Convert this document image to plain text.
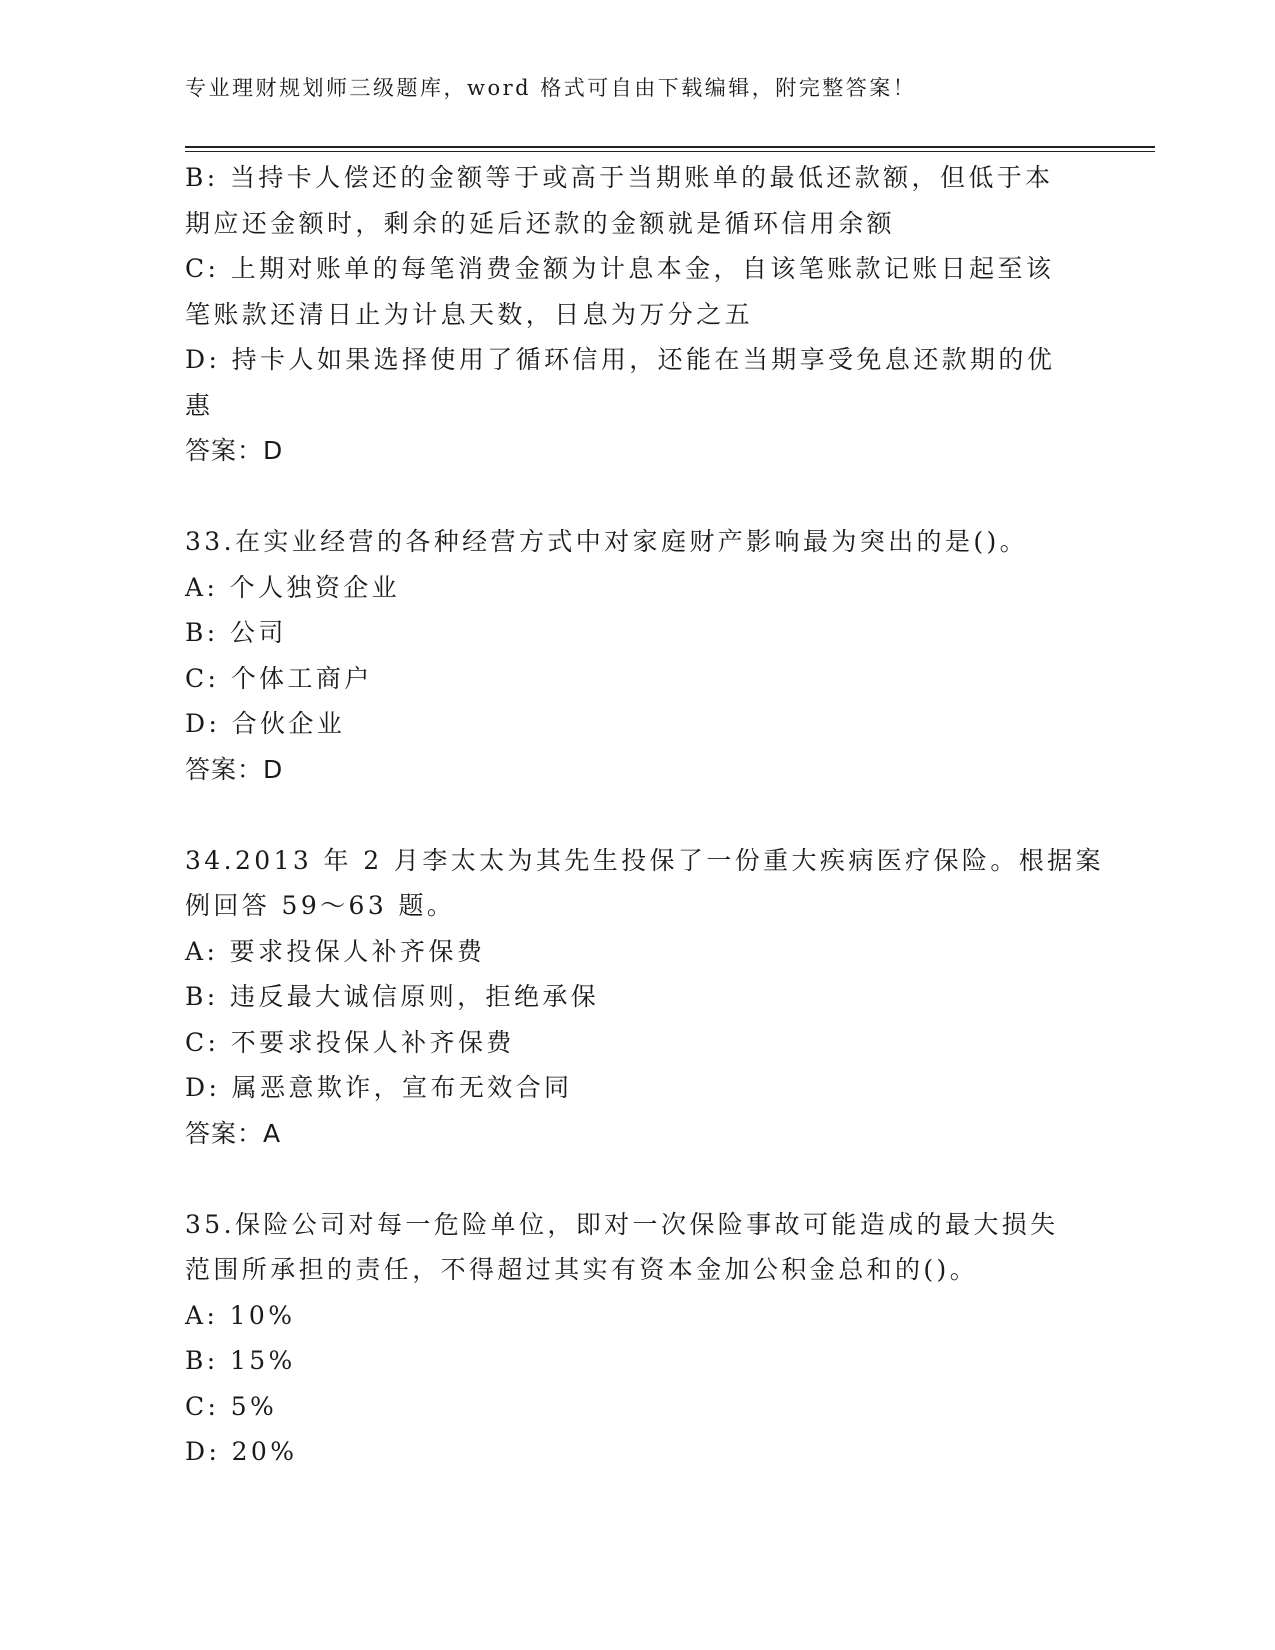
专业理财规划师三级题库，word 格式可自由下载编辑，附完整答案！
B: 当持卡人偿还的金额等于或高于当期账单的最低还款额，但低于本
期应还金额时，剩余的延后还款的金额就是循环信用余额
C: 上期对账单的每笔消费金额为计息本金，自该笔账款记账日起至该
笔账款还清日止为计息天数，日息为万分之五
D: 持卡人如果选择使用了循环信用，还能在当期享受免息还款期的优
惠
答案：D
33.在实业经营的各种经营方式中对家庭财产影响最为突出的是()。
A: 个人独资企业
B: 公司
C: 个体工商户
D: 合伙企业
答案：D
34.2013 年 2 月李太太为其先生投保了一份重大疾病医疗保险。根据案
例回答 59～63 题。
A: 要求投保人补齐保费
B: 违反最大诚信原则，拒绝承保
C: 不要求投保人补齐保费
D: 属恶意欺诈，宣布无效合同
答案：A
35.保险公司对每一危险单位，即对一次保险事故可能造成的最大损失
范围所承担的责任，不得超过其实有资本金加公积金总和的()。
A: 10%
B: 15%
C: 5%
D: 20%
